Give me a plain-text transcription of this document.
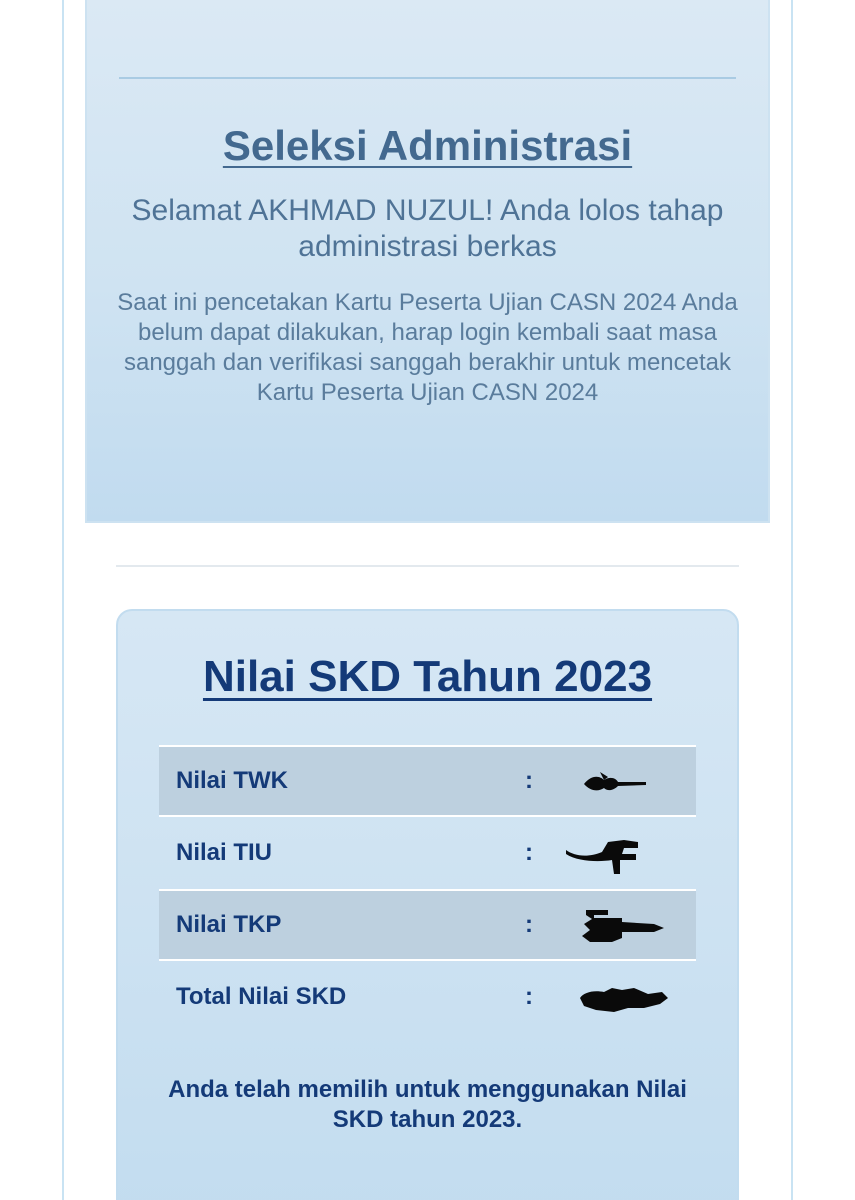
Seleksi Administrasi
Selamat AKHMAD NUZUL! Anda lolos tahap administrasi berkas
Saat ini pencetakan Kartu Peserta Ujian CASN 2024 Anda belum dapat dilakukan, harap login kembali saat masa sanggah dan verifikasi sanggah berakhir untuk mencetak Kartu Peserta Ujian CASN 2024
Nilai SKD Tahun 2023
Nilai TWK	:
Nilai TIU	:
Nilai TKP	:
Total Nilai SKD	:
Anda telah memilih untuk menggunakan Nilai SKD tahun 2023.
